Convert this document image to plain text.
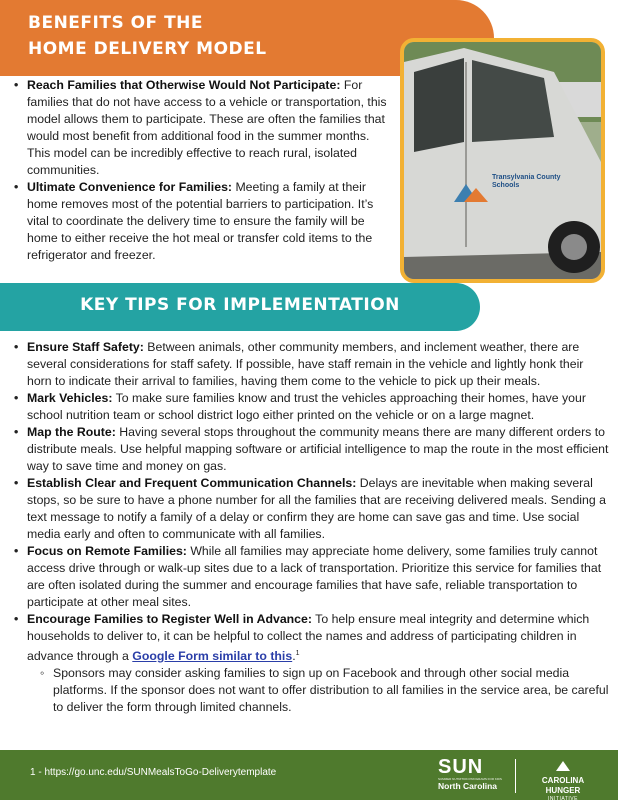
BENEFITS OF THE
HOME DELIVERY MODEL
Transylvania County Schools
• Reach Families that Otherwise Would Not Participate: For families that do not have access to a vehicle or transportation, this model allows them to participate. These are often the families that would most benefit from additional food in the summer months. This model can be incredibly effective to reach rural, isolated communities.
• Ultimate Convenience for Families: Meeting a family at their home removes most of the potential barriers to participation. It’s vital to coordinate the delivery time to ensure the family will be home to either receive the hot meal or transfer cold items to the refrigerator and freezer.
KEY TIPS FOR IMPLEMENTATION
• Ensure Staff Safety: Between animals, other community members, and inclement weather, there are several considerations for staff safety. If possible, have staff remain in the vehicle and lightly honk their horn to indicate their arrival to families, having them come to the vehicle to pick up their meals.
• Mark Vehicles: To make sure families know and trust the vehicles approaching their homes, have your school nutrition team or school district logo either printed on the vehicle or on a large magnet.
• Map the Route: Having several stops throughout the community means there are many different orders to distribute meals. Use helpful mapping software or artificial intelligence to map the route in the most efficient way to save time and money on gas.
• Establish Clear and Frequent Communication Channels: Delays are inevitable when making several stops, so be sure to have a phone number for all the families that are receiving delivered meals. Sending a text message to notify a family of a delay or confirm they are home can save gas and time. Use social media early and often to communicate with all families.
• Focus on Remote Families: While all families may appreciate home delivery, some families truly cannot access drive through or walk-up sites due to a lack of transportation. Prioritize this service for families that are often isolated during the summer and encourage families that have safe, reliable transportation to participate at other meal sites.
• Encourage Families to Register Well in Advance: To help ensure meal integrity and determine which households to deliver to, it can be helpful to collect the names and address of participating children in advance through a Google Form similar to this.$^1$
◦ Sponsors may consider asking families to sign up on Facebook and through other social media platforms. If the sponsor does not want to offer distribution to all families in the service area, be careful to deliver the form through limited channels.
1 - https://go.unc.edu/SUNMealsToGo-Deliverytemplate	SUN
SUMMER NUTRITION PROGRAMS FOR KIDS
North Carolina
CAROLINA
HUNGER
INITIATIVE
